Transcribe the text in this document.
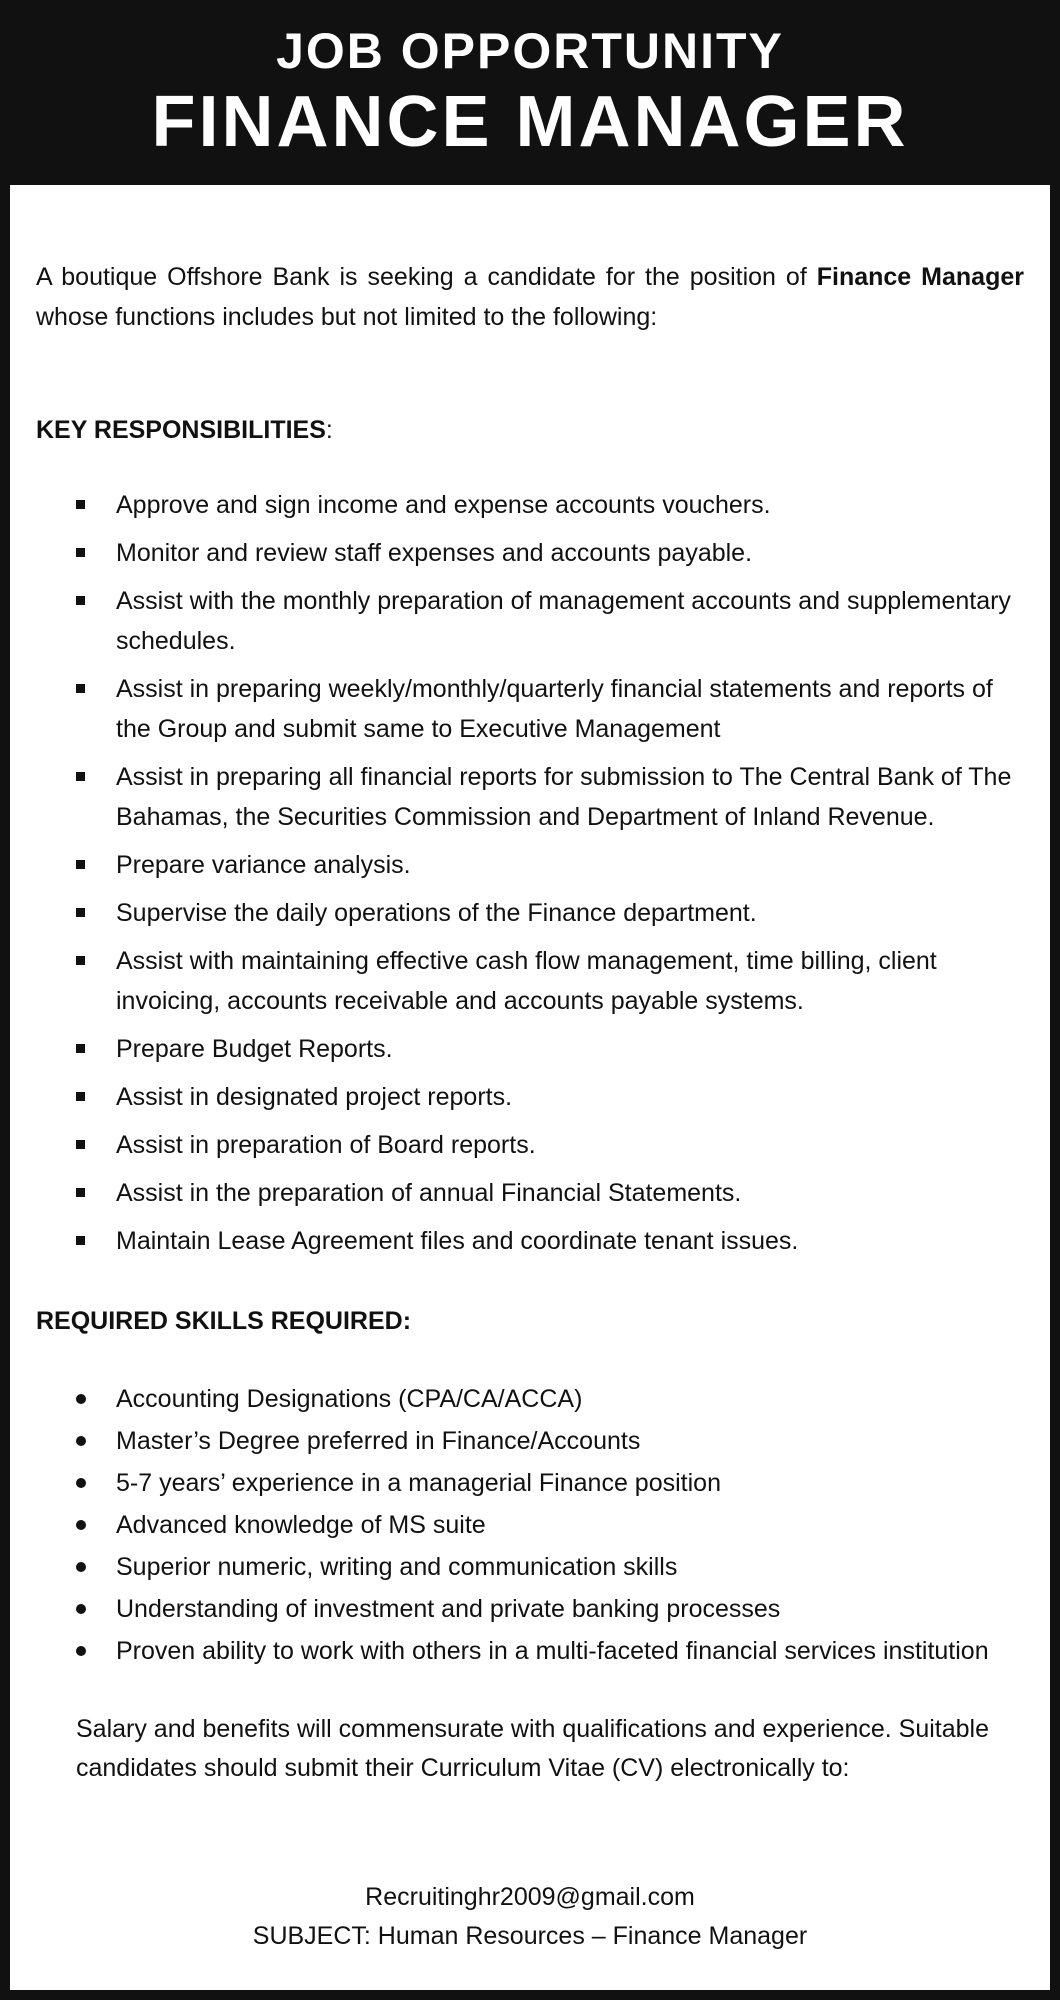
JOB OPPORTUNITY
FINANCE MANAGER

A boutique Offshore Bank is seeking a candidate for the position of Finance Manager whose functions includes but not limited to the following:

KEY RESPONSIBILITIES:
Approve and sign income and expense accounts vouchers.
Monitor and review staff expenses and accounts payable.
Assist with the monthly preparation of management accounts and supplementary schedules.
Assist in preparing weekly/monthly/quarterly financial statements and reports of the Group and submit same to Executive Management
Assist in preparing all financial reports for submission to The Central Bank of The Bahamas, the Securities Commission and Department of Inland Revenue.
Prepare variance analysis.
Supervise the daily operations of the Finance department.
Assist with maintaining effective cash flow management, time billing, client invoicing, accounts receivable and accounts payable systems.
Prepare Budget Reports.
Assist in designated project reports.
Assist in preparation of Board reports.
Assist in the preparation of annual Financial Statements.
Maintain Lease Agreement files and coordinate tenant issues.
REQUIRED SKILLS REQUIRED:
Accounting Designations (CPA/CA/ACCA)
Master’s Degree preferred in Finance/Accounts
5-7 years’ experience in a managerial Finance position
Advanced knowledge of MS suite
Superior numeric, writing and communication skills
Understanding of investment and private banking processes
Proven ability to work with others in a multi-faceted financial services institution

Salary and benefits will commensurate with qualifications and experience. Suitable candidates should submit their Curriculum Vitae (CV) electronically to:

Recruitinghr2009@gmail.com
SUBJECT: Human Resources – Finance Manager
